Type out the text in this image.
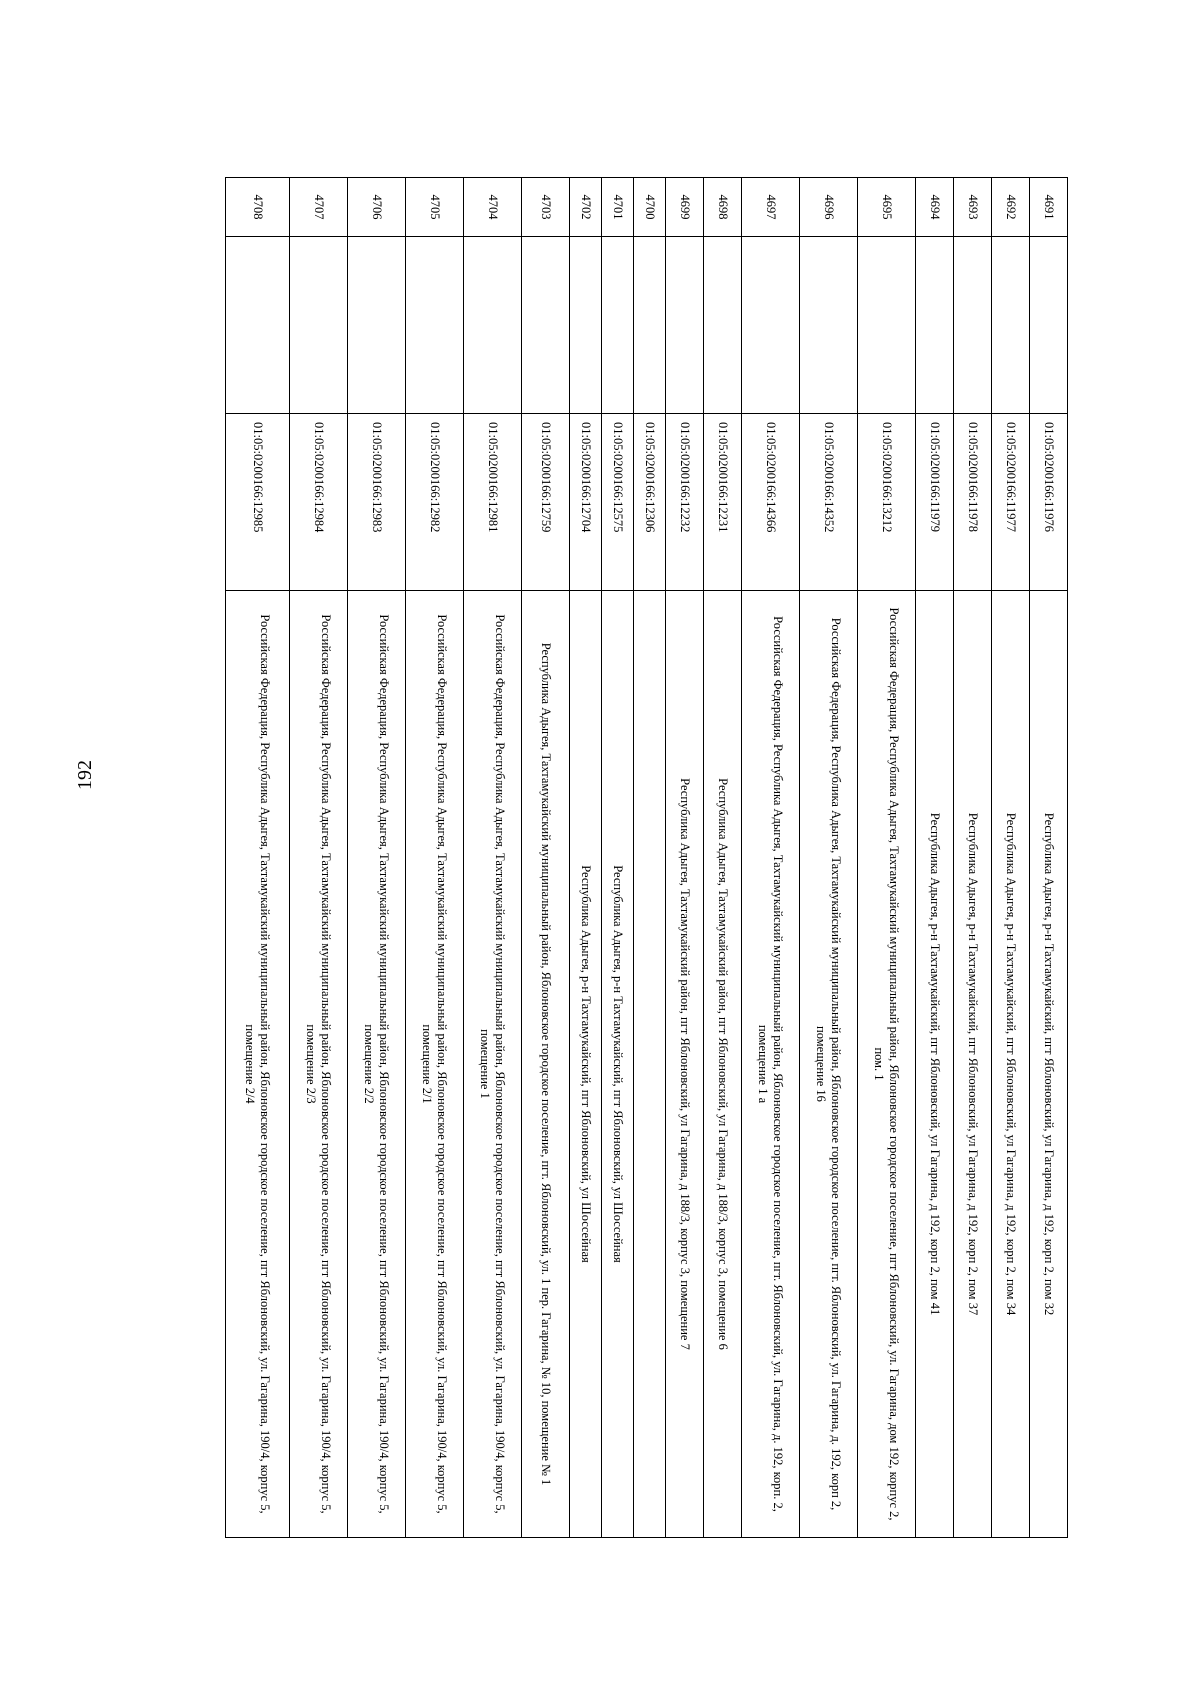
192
4691		01:05:0200166:11976	Республика Адыгея, р-н Тахтамукайский, пгт Яблоновский, ул Гагарина, д 192, корп 2, пом 32
4692		01:05:0200166:11977	Республика Адыгея, р-н Тахтамукайский, пгт Яблоновский, ул Гагарина, д 192, корп 2, пом 34
4693		01:05:0200166:11978	Республика Адыгея, р-н Тахтамукайский, пгт Яблоновский, ул Гагарина, д 192, корп 2, пом 37
4694		01:05:0200166:11979	Республика Адыгея, р-н Тахтамукайский, пгт Яблоновский, ул Гагарина, д 192, корп 2, пом 41
4695		01:05:0200166:13212	Российская Федерация, Республика Адыгея, Тахтамукайский муниципальный район, Яблоновское городское поселение, пгт Яблоновский, ул. Гагарина, дом 192, корпус 2, пом. 1
4696		01:05:0200166:14352	Российская Федерация, Республика Адыгея, Тахтамукайский муниципальный район, Яблоновское городское поселение, пгт. Яблоновский, ул. Гагарина, д. 192, корп 2, помещение 16
4697		01:05:0200166:14366	Российская Федерация, Республика Адыгея, Тахтамукайский муниципальный район, Яблоновское городское поселение, пгт. Яблоновский, ул. Гагарина, д. 192, корп. 2, помещение 1 а
4698		01:05:0200166:12231	Республика Адыгея, Тахтамукайский район, пгт Яблоновский, ул Гагарина, д 188/3, корпус 3, помещение 6
4699		01:05:0200166:12232	Республика Адыгея, Тахтамукайский район, пгт Яблоновский, ул Гагарина, д 188/3, корпус 3, помещение 7
4700		01:05:0200166:12306	
4701		01:05:0200166:12575	Республика Адыгея, р-н Тахтамукайский, пгт Яблоновский, ул Шоссейная
4702		01:05:0200166:12704	Республика Адыгея, р-н Тахтамукайский, пгт Яблоновский, ул Шоссейная
4703		01:05:0200166:12759	Республика Адыгея, Тахтамукайский муниципальный район, Яблоновское городское поселение, пгт. Яблоновский, ул. 1 пер. Гагарина, № 10, помещение № 1
4704		01:05:0200166:12981	Российская Федерация, Республика Адыгея, Тахтамукайский муниципальный район, Яблоновское городское поселение, пгт Яблоновский, ул. Гагарина, 190/4, корпус 5, помещение 1
4705		01:05:0200166:12982	Российская Федерация, Республика Адыгея, Тахтамукайский муниципальный район, Яблоновское городское поселение, пгт Яблоновский, ул. Гагарина, 190/4, корпус 5, помещение 2/1
4706		01:05:0200166:12983	Российская Федерация, Республика Адыгея, Тахтамукайский муниципальный район, Яблоновское городское поселение, пгт Яблоновский, ул. Гагарина, 190/4, корпус 5, помещение 2/2
4707		01:05:0200166:12984	Российская Федерация, Республика Адыгея, Тахтамукайский муниципальный район, Яблоновское городское поселение, пгт Яблоновский, ул. Гагарина, 190/4, корпус 5, помещение 2/3
4708		01:05:0200166:12985	Российская Федерация, Республика Адыгея, Тахтамукайский муниципальный район, Яблоновское городское поселение, пгт Яблоновский, ул. Гагарина, 190/4, корпус 5, помещение 2/4
